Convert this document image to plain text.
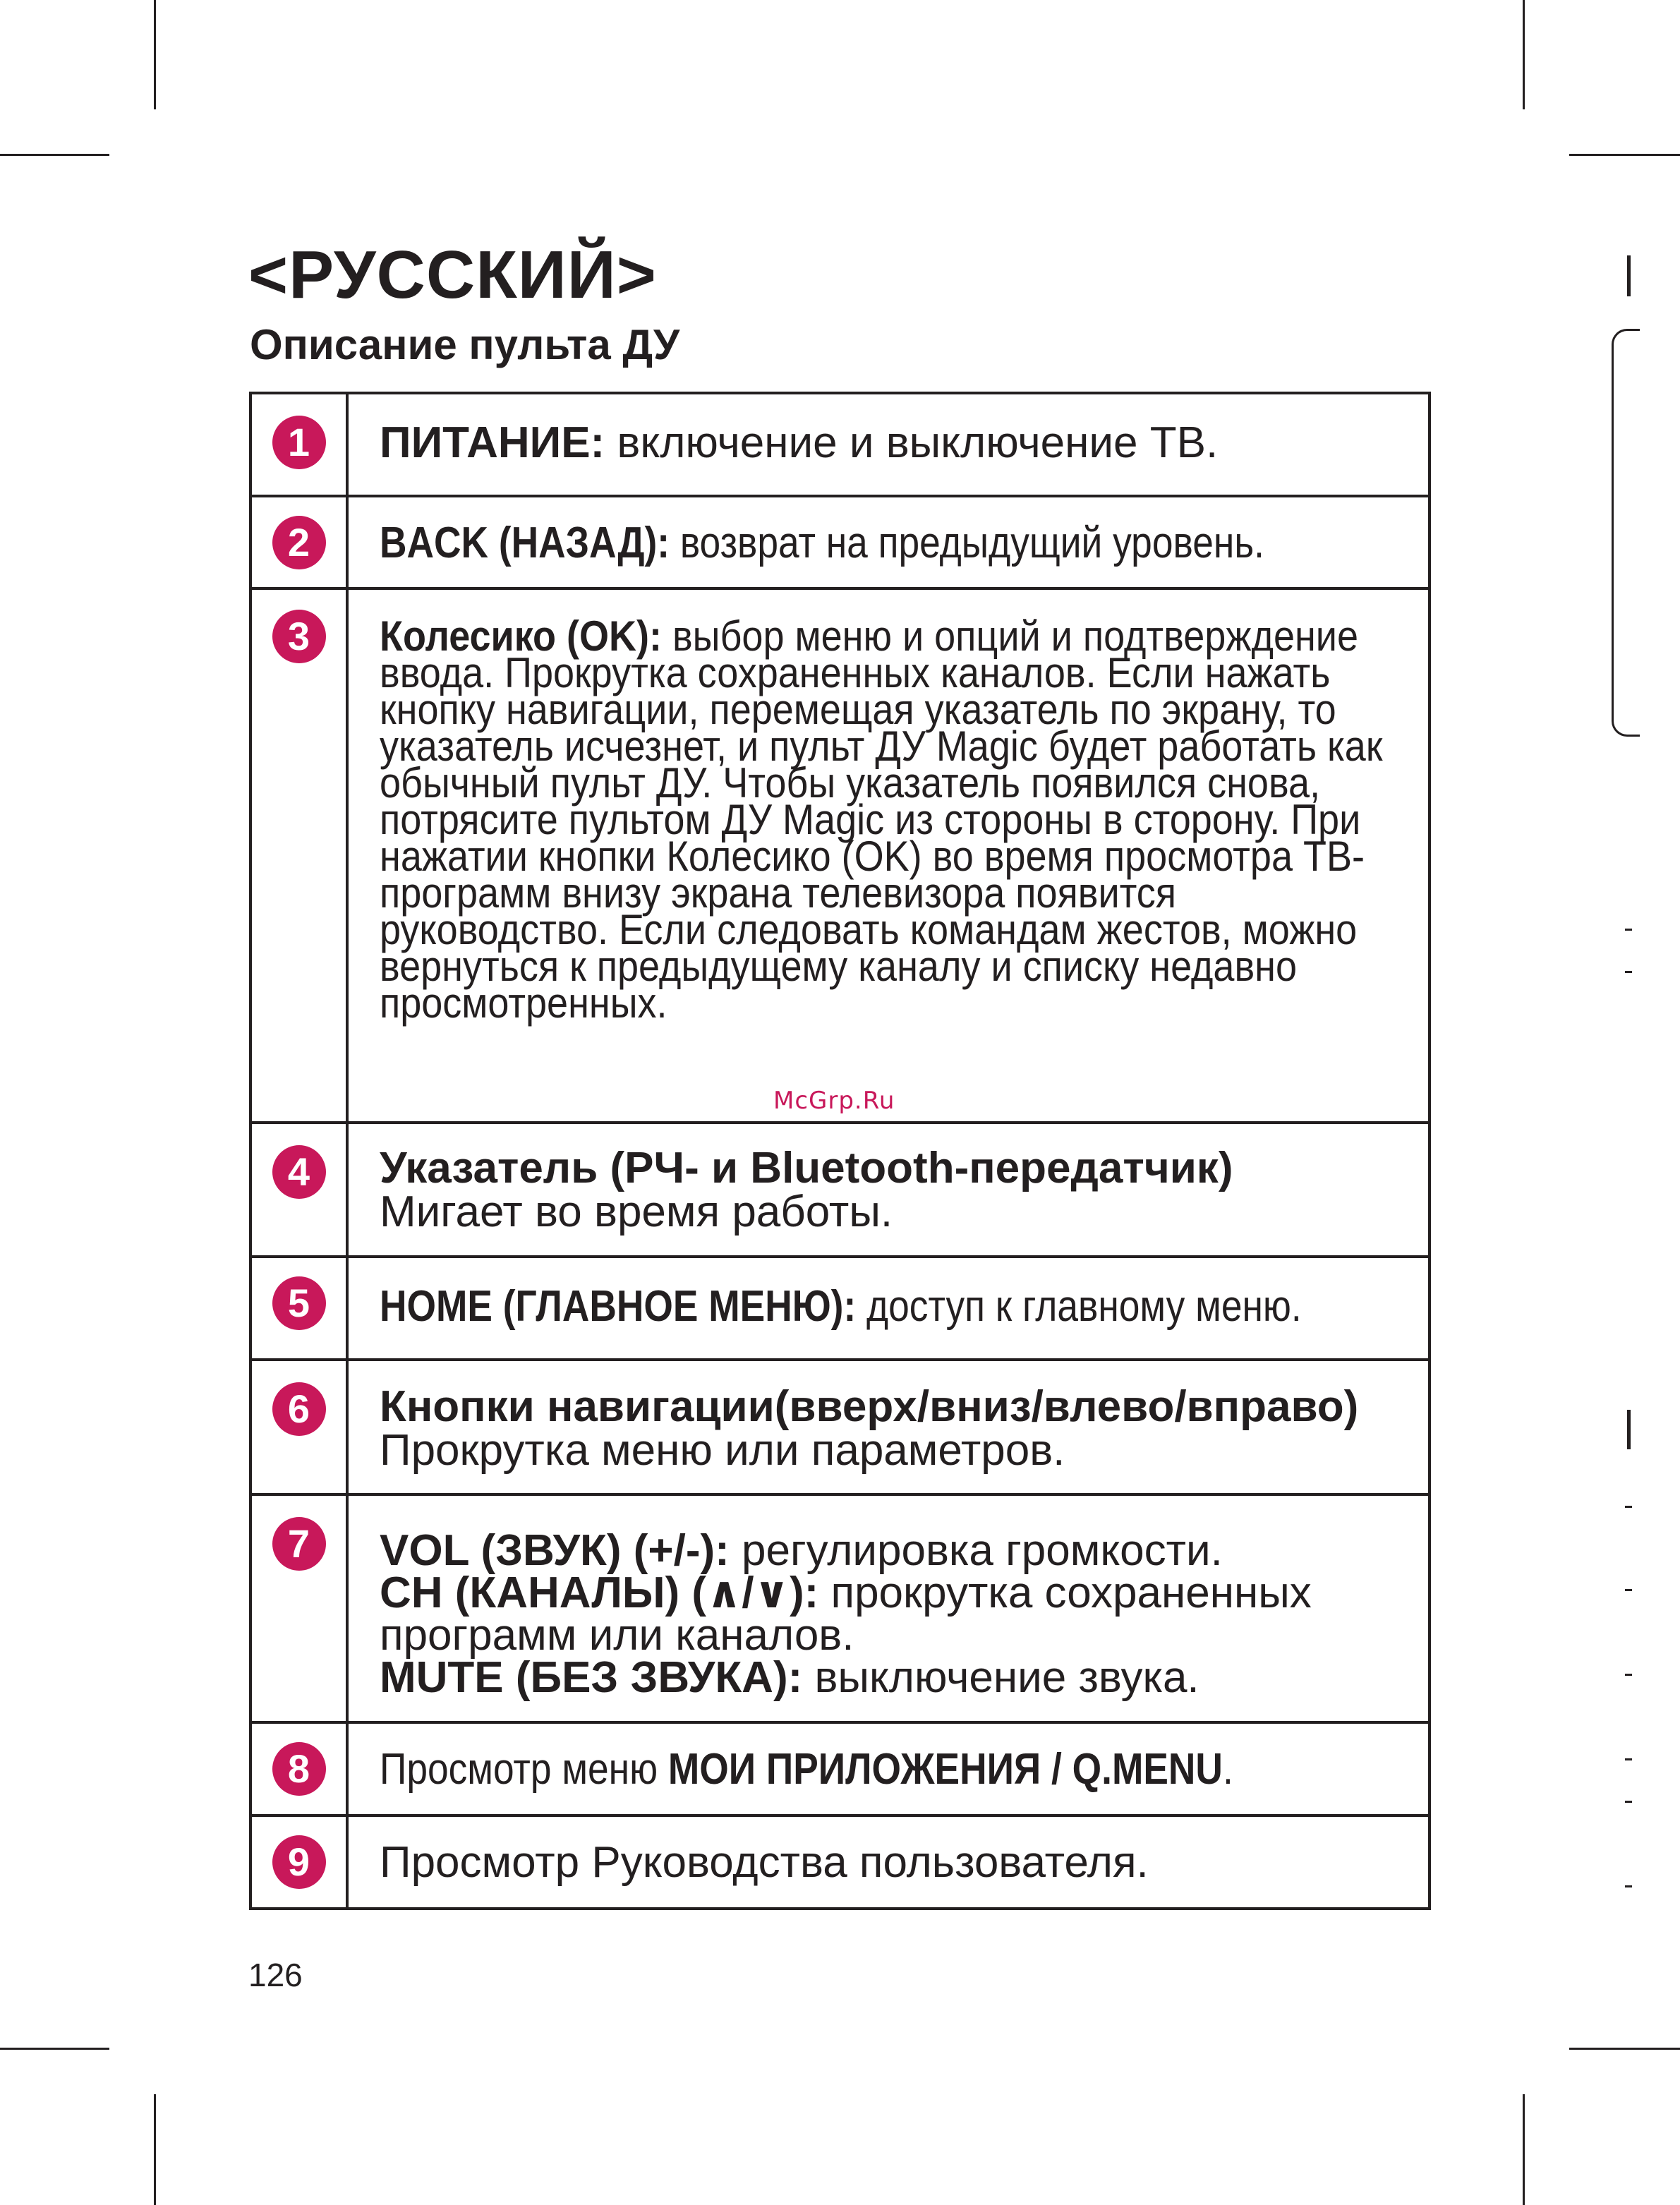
<РУССКИЙ>
Описание пульта ДУ
1	ПИТАНИЕ: включение и выключение ТВ.

2	BACK (НАЗАД): возврат на предыдущий уровень.

3	Колесико (OK): выбор меню и опций и подтверждение ввода. Прокрутка сохраненных каналов. Если нажать кнопку навигации, перемещая указатель по экрану, то указатель исчезнет, и пульт ДУ Magic будет работать как обычный пульт ДУ. Чтобы указатель появился снова, потрясите пультом ДУ Magic из стороны в сторону. При нажатии кнопки Колесико (OK) во время просмотра ТВ-программ внизу экрана телевизора появится руководство. Если следовать командам жестов, можно вернуться к предыдущему каналу и списку недавно просмотренных.

4	Указатель (РЧ- и Bluetooth-передатчик)
Мигает во время работы.

5	HOME (ГЛАВНОЕ МЕНЮ): доступ к главному меню.

6	Кнопки навигации(вверх/вниз/влево/вправо)
Прокрутка меню или параметров.

7	VOL (ЗВУК) (+/-): регулировка громкости.
CH (КАНАЛЫ) (∧/∨): прокрутка сохраненных программ или каналов.
MUTE (БЕЗ ЗВУКА): выключение звука.

8	Просмотр меню МОИ ПРИЛОЖЕНИЯ / Q.MENU.

9	Просмотр Руководства пользователя.
McGrp.Ru
126
